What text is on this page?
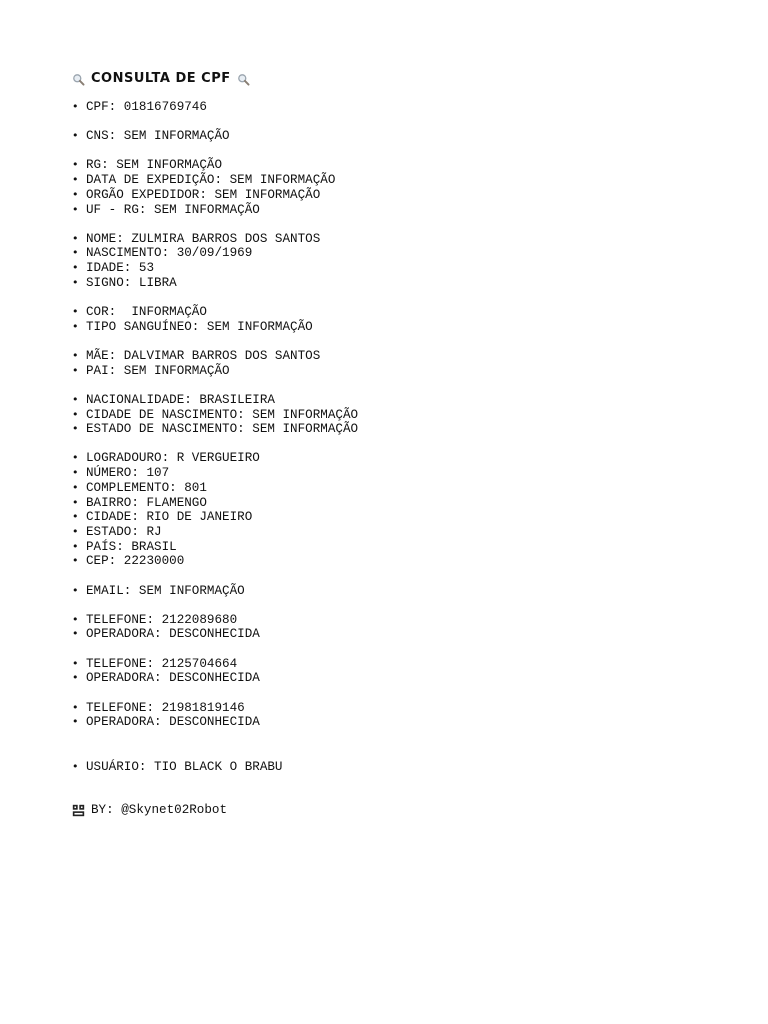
CONSULTA DE CPF
• CPF: 01816769746
• CNS: SEM INFORMAÇÃO
• RG: SEM INFORMAÇÃO
• DATA DE EXPEDIÇÃO: SEM INFORMAÇÃO
• ORGÃO EXPEDIDOR: SEM INFORMAÇÃO
• UF - RG: SEM INFORMAÇÃO
• NOME: ZULMIRA BARROS DOS SANTOS
• NASCIMENTO: 30/09/1969
• IDADE: 53
• SIGNO: LIBRA
• COR:  INFORMAÇÃO
• TIPO SANGUÍNEO: SEM INFORMAÇÃO
• MÃE: DALVIMAR BARROS DOS SANTOS
• PAI: SEM INFORMAÇÃO
• NACIONALIDADE: BRASILEIRA
• CIDADE DE NASCIMENTO: SEM INFORMAÇÃO
• ESTADO DE NASCIMENTO: SEM INFORMAÇÃO
• LOGRADOURO: R VERGUEIRO
• NÚMERO: 107
• COMPLEMENTO: 801
• BAIRRO: FLAMENGO
• CIDADE: RIO DE JANEIRO
• ESTADO: RJ
• PAÍS: BRASIL
• CEP: 22230000
• EMAIL: SEM INFORMAÇÃO
• TELEFONE: 2122089680
• OPERADORA: DESCONHECIDA
• TELEFONE: 2125704664
• OPERADORA: DESCONHECIDA
• TELEFONE: 21981819146
• OPERADORA: DESCONHECIDA
• USUÁRIO: TIO BLACK O BRABU
BY: @Skynet02Robot
